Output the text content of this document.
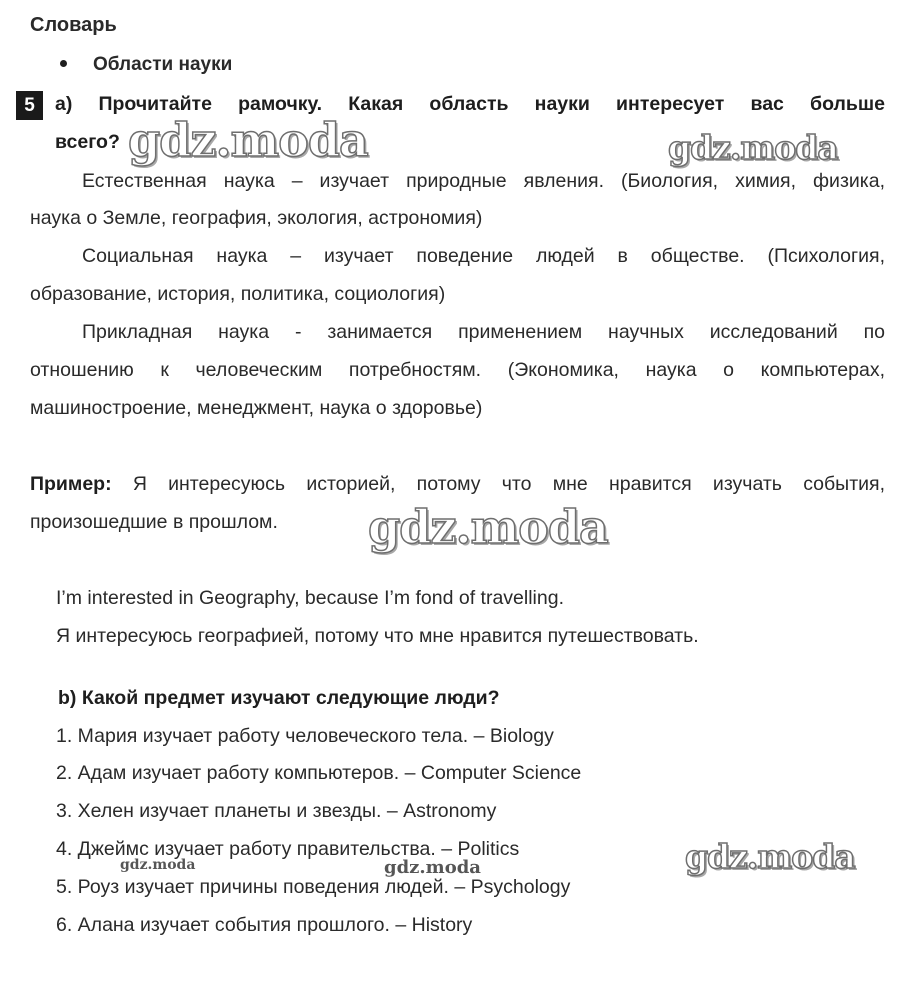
Словарь
Области науки
5	a) Прочитайте рамочку. Какая область науки интересует вас больше
всего?
Естественная наука – изучает природные явления. (Биология, химия, физика,
наука о Земле, география, экология, астрономия)
Социальная наука – изучает поведение людей в обществе. (Психология,
образование, история, политика, социология)
Прикладная наука - занимается применением научных исследований по
отношению к человеческим потребностям. (Экономика, наука о компьютерах,
машиностроение, менеджмент, наука о здоровье)
Пример: Я интересуюсь историей, потому что мне нравится изучать события,
произошедшие в прошлом.
I’m interested in Geography, because I’m fond of travelling.
Я интересуюсь географией, потому что мне нравится путешествовать.
b) Какой предмет изучают следующие люди?
1. Мария изучает работу человеческого тела. – Biology
2. Адам изучает работу компьютеров. – Computer Science
3. Хелен изучает планеты и звезды. – Astronomy
4. Джеймс изучает работу правительства. – Politics
5. Роуз изучает причины поведения людей. – Psychology
6. Алана изучает события прошлого. – History
gdz.moda	gdz.moda
gdz.moda
gdz.moda
gdz.moda	gdz.moda
